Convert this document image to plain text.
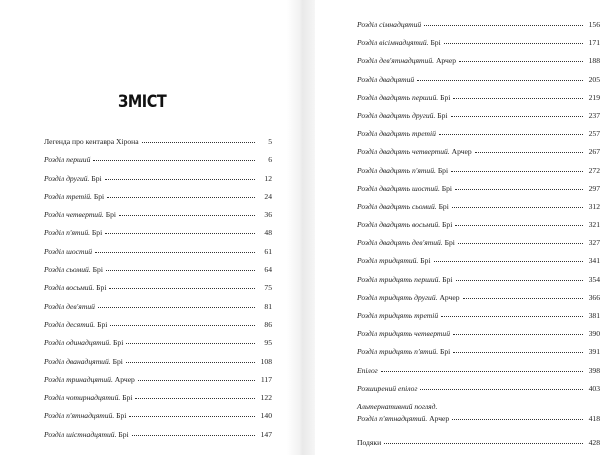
ЗМІСТ
Легенда про кентавра Хірона	5
Розділ перший	6
Розділ другий. Брі	12
Розділ третій. Брі	24
Розділ четвертий. Брі	36
Розділ п'ятий. Брі	48
Розділ шостий	61
Розділ сьомий. Брі	64
Розділ восьмий. Брі	75
Розділ дев'ятий	81
Розділ десятий. Брі	86
Розділ одинадцятий. Брі	95
Розділ дванадцятий. Брі	108
Розділ тринадцятий. Арчер	117
Розділ чотирнадцятий. Брі	122
Розділ п'ятнадцятий. Брі	140
Розділ шістнадцятий. Брі	147
Розділ сімнадцятий	156
Розділ вісімнадцятий. Брі	171
Розділ дев'ятнадцятий. Арчер	188
Розділ двадцятий	205
Розділ двадцять перший. Брі	219
Розділ двадцять другий. Брі	237
Розділ двадцять третій	257
Розділ двадцять четвертий. Арчер	267
Розділ двадцять п'ятий. Брі	272
Розділ двадцять шостий. Брі	297
Розділ двадцять сьомий. Брі	312
Розділ двадцять восьмий. Брі	321
Розділ двадцять дев'ятий. Брі	327
Розділ тридцятий. Брі	341
Розділ тридцять перший. Брі	354
Розділ тридцять другий. Арчер	366
Розділ тридцять третій	381
Розділ тридцять четвертий	390
Розділ тридцять п'ятий. Брі	391
Епілог	398
Розширений епілог	403
Альтернативний погляд.
Розділ п'ятнадцятий. Арчер	418
Подяки	428
